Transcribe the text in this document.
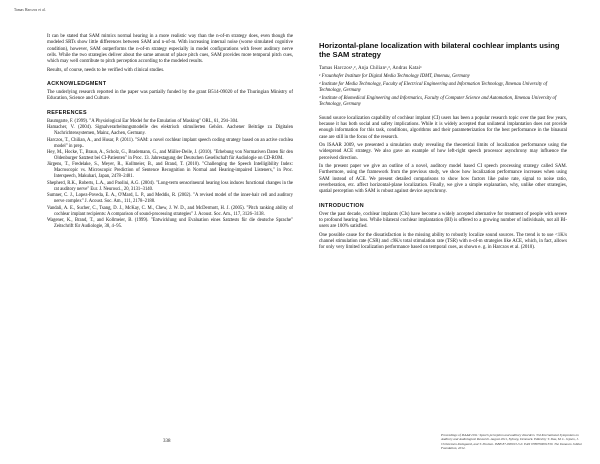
Tamas Harczos et al.

It can be stated that SAM mimics normal hearing in a more realistic way than the n-of-m strategy does, even though the modeled SRTs show little differences between SAM and n-of-m. With increasing internal noise (worse simulated cognitive condition), however, SAM outperforms the n-of-m strategy especially in model configurations with fewer auditory nerve cells. While the two strategies deliver about the same amount of place pitch cues, SAM provides more temporal pitch cues, which may well contribute to pitch perception according to the modeled results.

Results, of course, needs to be verified with clinical studies.

ACKNOWLEDGMENT

The underlying research reported in the paper was partially funded by the grant B514-09020 of the Thuringian Ministry of Education, Science and Culture.

REFERENCES
Baumgarte, F. (1999). "A Physiological Ear Model for the Emulation of Masking" ORL, 61, 294–304.
Hamacher, V. (2004). Signalverarbeitungsmodelle des elektrisch stimulierten Gehörs. Aachener Beiträge zu Digitalen Nachrichtensystemen, Mainz, Aachen, Germany.
Harczos, T., Chilian, A., and Husar, P. (2011). "SAM: a novel cochlear implant speech coding strategy based on an active cochlea model" in prep..
Hey, M., Hocke, T., Braun, A., Scholz, G., Brademann, G., and Müller-Deile, J. (2010). "Erhebung von Normativen Daten für den Oldenburger Satztest bei CI-Patienten" in Proc. 13. Jahrestagung der Deutschen Gesellschaft für Audiologie on CD-ROM.
Jürgens, T., Fredelake, S., Meyer, R., Kollmeier, B., and Brand, T. (2010). "Challenging the Speech Intelligibility Index: Macroscopic vs. Microscopic Prediction of Sentence Recognition in Normal and Hearing-impaired Listeners," in Proc. Interspeech, Makuhari, Japan, 2478–2481.
Shepherd, R.K., Roberts, L.A., and Paolini, A.G. (2004). "Long-term sensorineural hearing loss induces functional changes in the rat auditory nerve" Eur. J. Neurosci., 20, 3131–3140.
Sumner, C. J., Lopez-Poveda, E. A., O'Mard, L. P., and Meddis, R. (2002). "A revised model of the inner-hair cell and auditory nerve complex" J. Acoust. Soc. Am., 111, 2178–2188.
Vandali, A. E., Sucher, C., Tsang, D. J., McKay, C. M., Chew, J. W. D., and McDermott, H. J. (2005). "Pitch ranking ability of cochlear implant recipients: A comparison of sound-processing strategies" J. Acoust. Soc. Am., 117, 3126–3138.
Wagener, K., Brand, T., and Kollmeier, B. (1999). "Entwicklung und Evaluation eines Satztests für die deutsche Sprache" Zeitschrift für Audiologie, 38, 4–95.
Horizontal-plane localization with bilateral cochlear implants using the SAM strategy
Tamas Harczos¹,², Anja Chilian¹,³, Andras Katai¹
¹ Fraunhofer Institute for Digital Media Technology IDMT, Ilmenau, Germany
² Institute for Media Technology, Faculty of Electrical Engineering and Information Technology, Ilmenau University of Technology, Germany
³ Institute of Biomedical Engineering and Informatics, Faculty of Computer Science and Automation, Ilmenau University of Technology, Germany

Sound source localization capability of cochlear implant (CI) users has been a popular research topic over the past few years, because it has both social and safety implications. While it is widely accepted that unilateral implantation does not provide enough information for this task, conditions, algorithms and their parameterization for the best performance in the binaural case are still in the focus of the research.

On ISAAR 2009, we presented a simulation study revealing the theoretical limits of localization performance using the widespread ACE strategy. We also gave an example of how left-right speech processor asynchrony may influence the perceived direction.

In the present paper we give an outline of a novel, auditory model based CI speech processing strategy called SAM. Furthermore, using the framework from the previous study, we show how localization performance increases when using SAM instead of ACE. We present detailed comparisons to show how factors like pulse rate, signal to noise ratio, reverberation, etc. affect horizontal-plane localization. Finally, we give a simple explanation, why, unlike other strategies, spatial perception with SAM is robust against device asynchrony.

INTRODUCTION

Over the past decade, cochlear implants (CIs) have become a widely accepted alternative for treatment of people with severe to profound hearing loss. While bilateral cochlear implantation (BI) is offered to a growing number of individuals, not all BI-users are 100% satisfied.

One possible cause for the dissatisfaction is the missing ability to robustly localize sound sources. The trend is to use <1K/s channel stimulation rate (CSR) and ≤9K/s total stimulation rate (TSR) with n-of-m strategies like ACE, which, in fact, allows for only very limited localization performance based on temporal cues, as shown e. g. in Harczos et al. (2010).

338
Proceedings of ISAAR 2011: Speech perception and auditory disorders. 3rd International Symposium on Auditory and Audiological Research. August 2011, Nyborg, Denmark. Edited by T. Dau, M. L. Jepsen, J. Christensen-Dalsgaard, and T. Poulsen. ISBN 87-990013-3-0. EAN 9788799001330. The Danavox Jubilee Foundation, 2012.
